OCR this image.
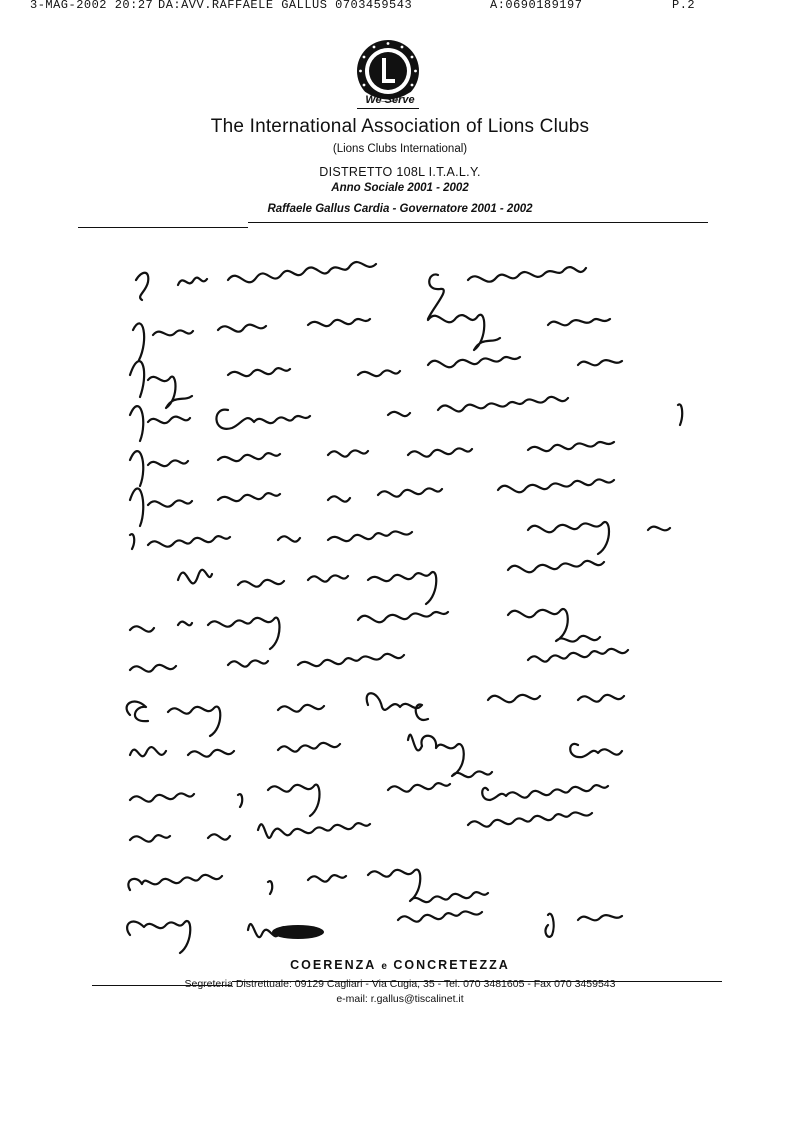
3-MAG-2002 20:27 DA:AVV.RAFFAELE GALLUS 0703459543	A:0690189197	P.2
We Serve
The International Association of Lions Clubs
(Lions Clubs International)
DISTRETTO 108L I.T.A.L.Y.
Anno Sociale 2001 - 2002
Raffaele Gallus Cardia - Governatore 2001 - 2002
COERENZA e CONCRETEZZA
Segreteria Distrettuale: 09129 Cagliari - Via Cugia, 35 - Tel. 070 3481605 - Fax 070 3459543
e-mail: r.gallus@tiscalinet.it
